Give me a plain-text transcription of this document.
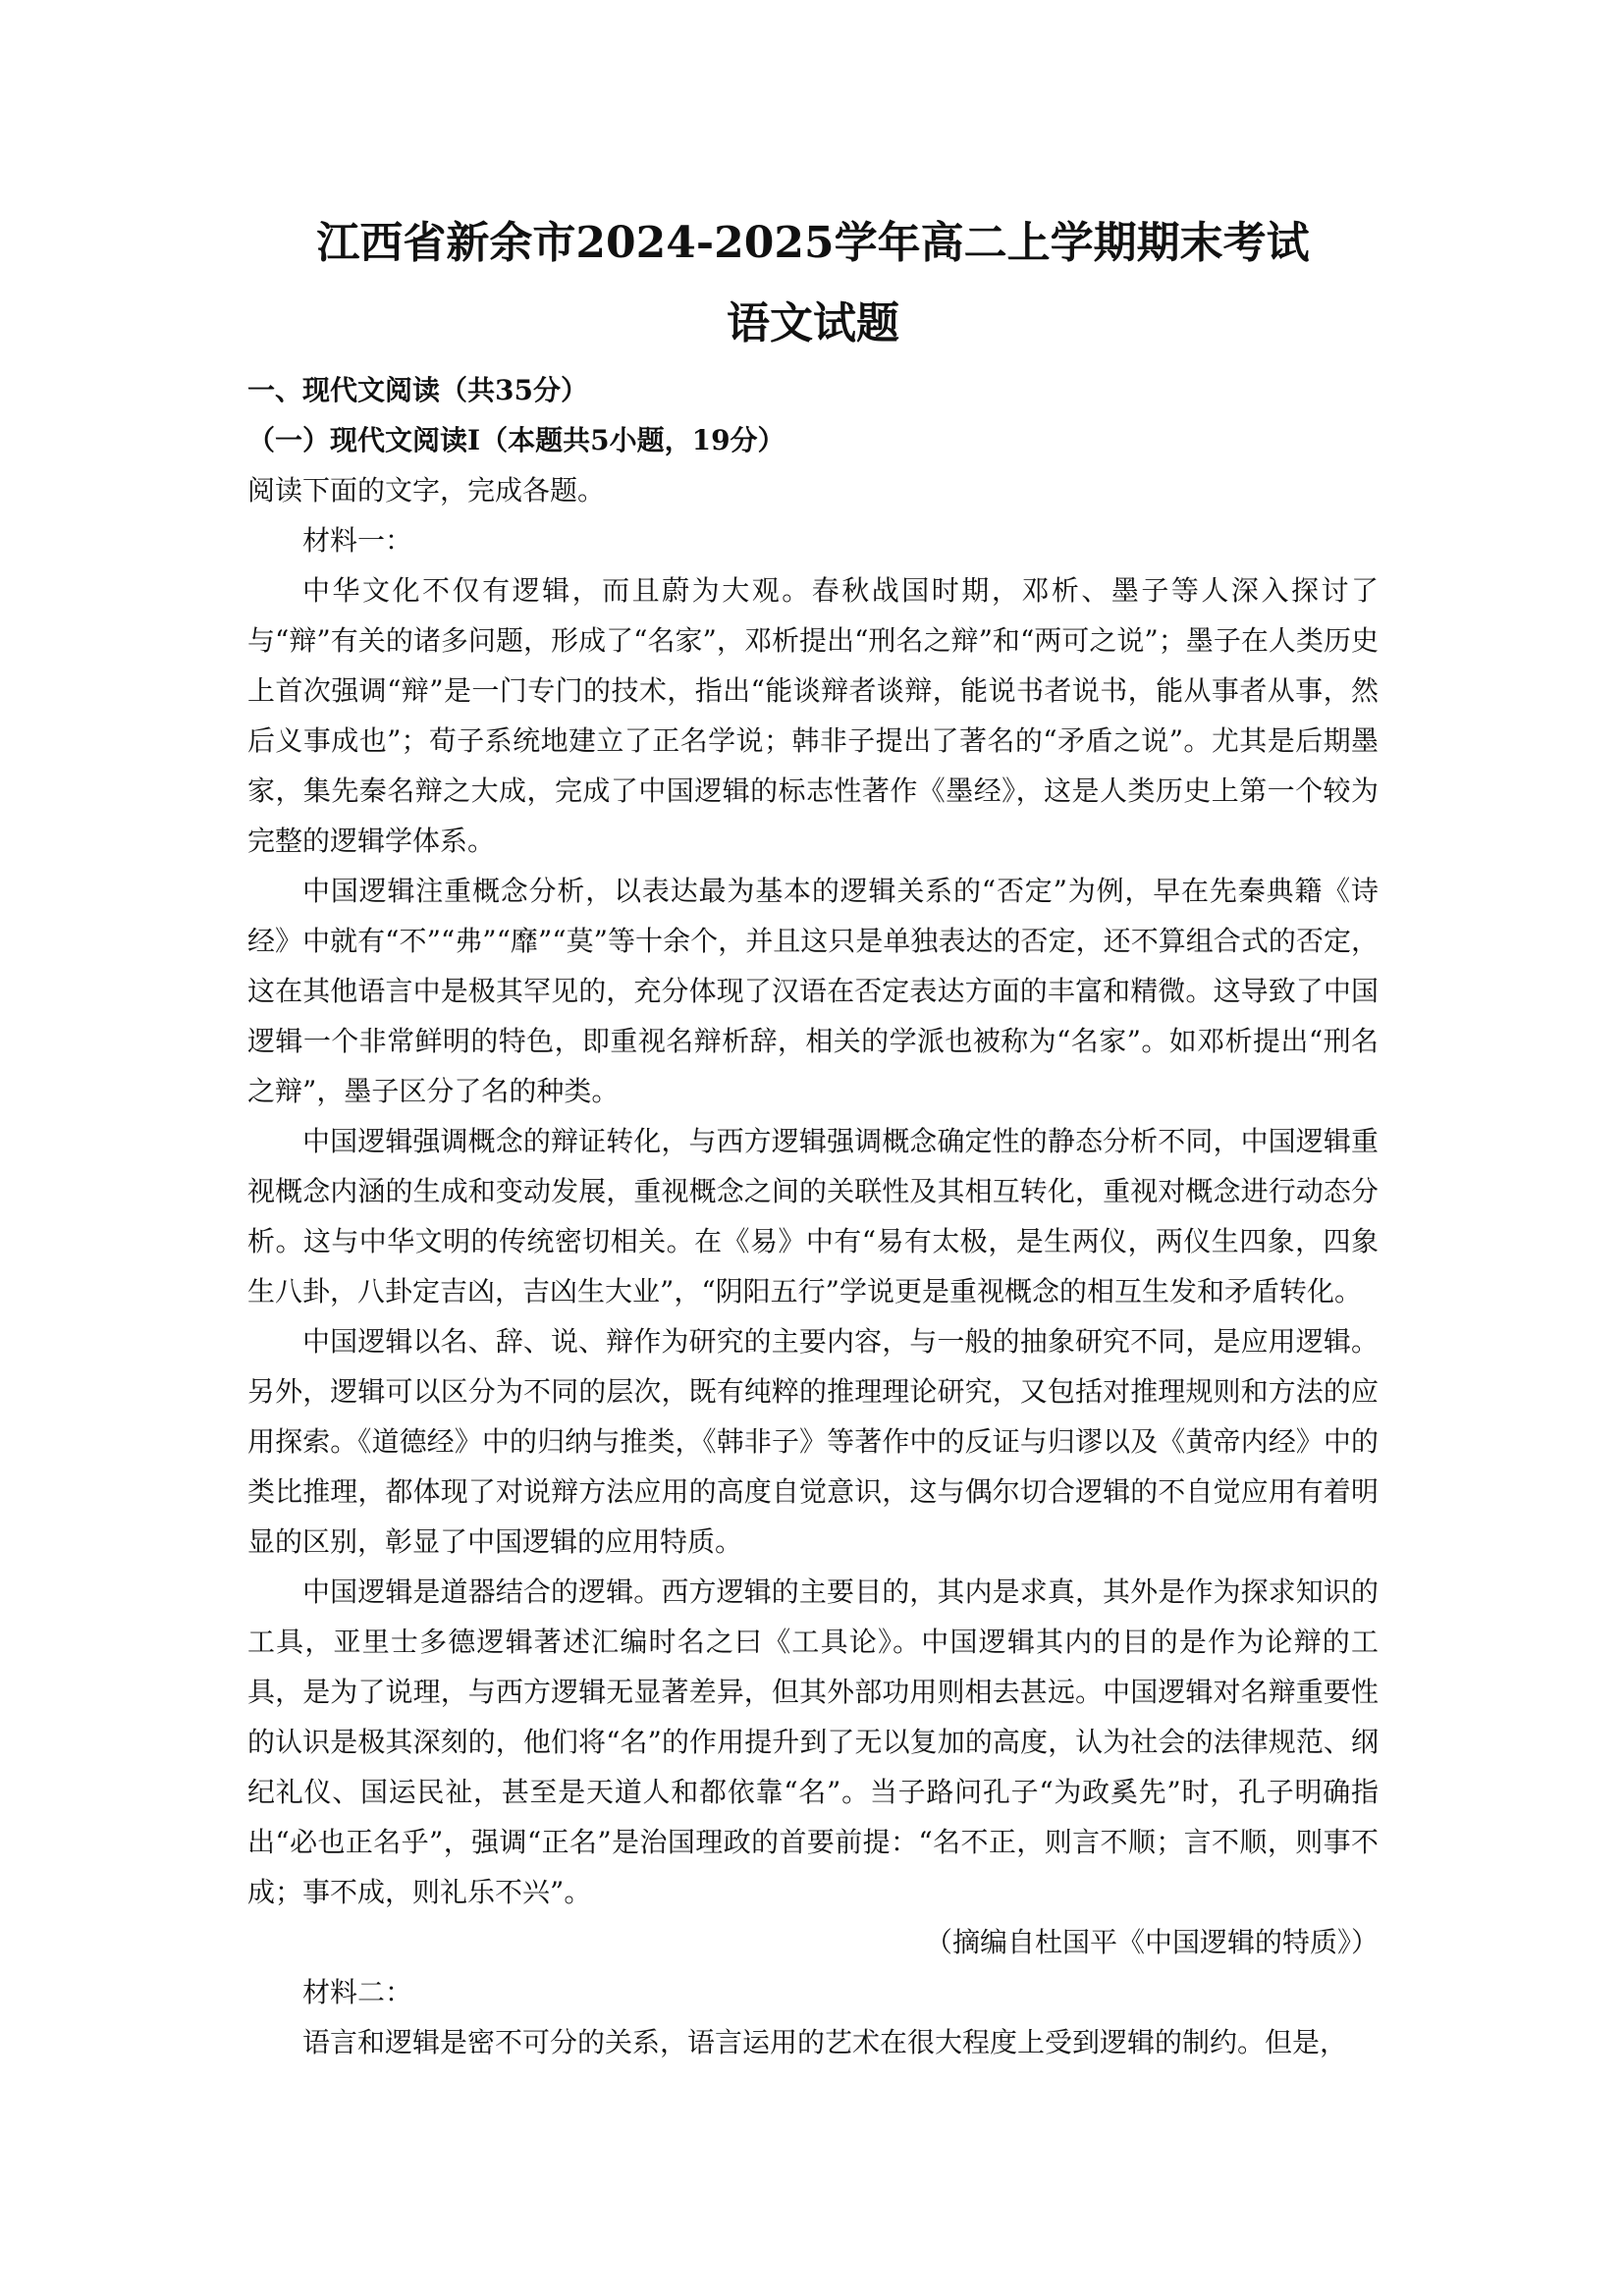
江西省新余市2024-2025学年高二上学期期末考试
语文试题

一、现代文阅读（共35分）

（一）现代文阅读Ⅰ（本题共5小题，19分）

阅读下面的文字，完成各题。

材料一：

中华文化不仅有逻辑，而且蔚为大观。春秋战国时期，邓析、墨子等人深入探讨了与“辩”有关的诸多问题，形成了“名家”，邓析提出“刑名之辩”和“两可之说”；墨子在人类历史上首次强调“辩”是一门专门的技术，指出“能谈辩者谈辩，能说书者说书，能从事者从事，然后义事成也”；荀子系统地建立了正名学说；韩非子提出了著名的“矛盾之说”。尤其是后期墨家，集先秦名辩之大成，完成了中国逻辑的标志性著作《墨经》，这是人类历史上第一个较为完整的逻辑学体系。

中国逻辑注重概念分析，以表达最为基本的逻辑关系的“否定”为例，早在先秦典籍《诗经》中就有“不”“弗”“靡”“莫”等十余个，并且这只是单独表达的否定，还不算组合式的否定，这在其他语言中是极其罕见的，充分体现了汉语在否定表达方面的丰富和精微。这导致了中国逻辑一个非常鲜明的特色，即重视名辩析辞，相关的学派也被称为“名家”。如邓析提出“刑名之辩”，墨子区分了名的种类。

中国逻辑强调概念的辩证转化，与西方逻辑强调概念确定性的静态分析不同，中国逻辑重视概念内涵的生成和变动发展，重视概念之间的关联性及其相互转化，重视对概念进行动态分析。这与中华文明的传统密切相关。在《易》中有“易有太极，是生两仪，两仪生四象，四象生八卦，八卦定吉凶，吉凶生大业”，“阴阳五行”学说更是重视概念的相互生发和矛盾转化。

中国逻辑以名、辞、说、辩作为研究的主要内容，与一般的抽象研究不同，是应用逻辑。另外，逻辑可以区分为不同的层次，既有纯粹的推理理论研究，又包括对推理规则和方法的应用探索。《道德经》中的归纳与推类，《韩非子》等著作中的反证与归谬以及《黄帝内经》中的类比推理，都体现了对说辩方法应用的高度自觉意识，这与偶尔切合逻辑的不自觉应用有着明显的区别，彰显了中国逻辑的应用特质。

中国逻辑是道器结合的逻辑。西方逻辑的主要目的，其内是求真，其外是作为探求知识的工具，亚里士多德逻辑著述汇编时名之曰《工具论》。中国逻辑其内的目的是作为论辩的工具，是为了说理，与西方逻辑无显著差异，但其外部功用则相去甚远。中国逻辑对名辩重要性的认识是极其深刻的，他们将“名”的作用提升到了无以复加的高度，认为社会的法律规范、纲纪礼仪、国运民祉，甚至是天道人和都依靠“名”。当子路问孔子“为政奚先”时，孔子明确指出“必也正名乎”，强调“正名”是治国理政的首要前提：“名不正，则言不顺；言不顺，则事不成；事不成，则礼乐不兴”。

（摘编自杜国平《中国逻辑的特质》）

材料二：

语言和逻辑是密不可分的关系，语言运用的艺术在很大程度上受到逻辑的制约。但是，
